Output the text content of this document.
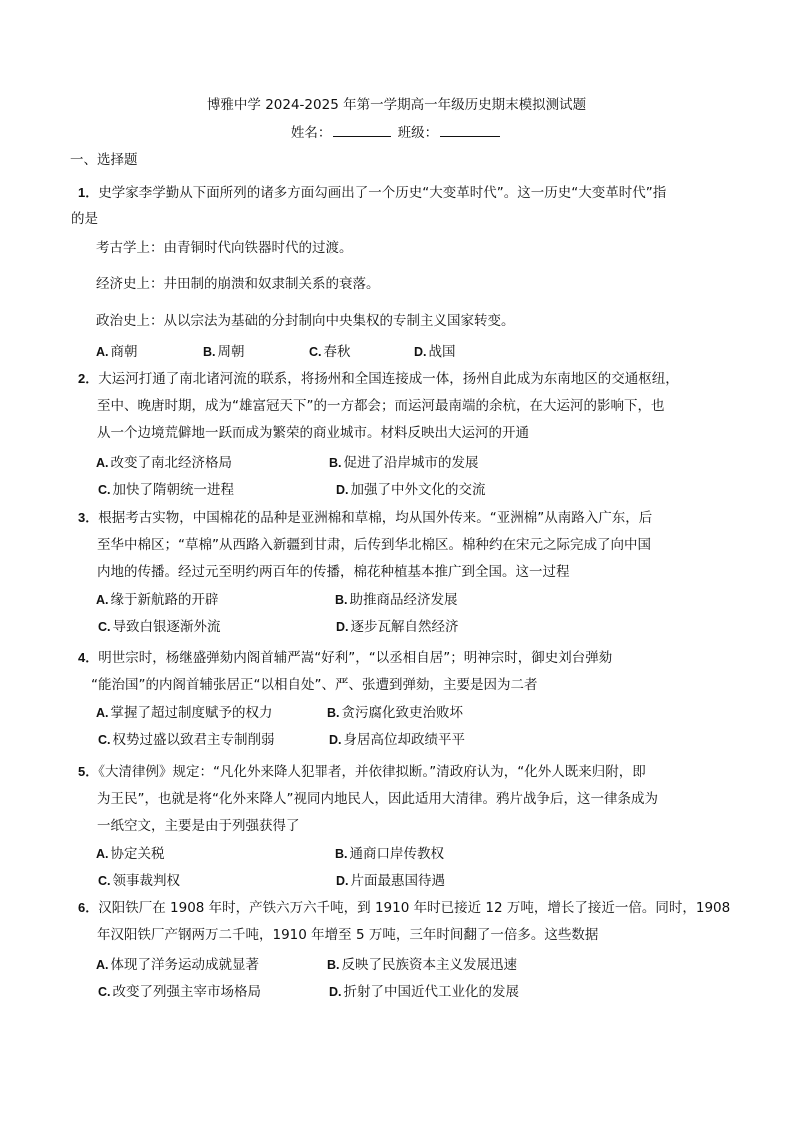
博雅中学 2024-2025 年第一学期高一年级历史期末模拟测试题
姓名：	班级：
一、选择题
1．史学家李学勤从下面所列的诸多方面勾画出了一个历史“大变革时代”。这一历史“大变革时代”指
的是
考古学上：由青铜时代向铁器时代的过渡。
经济史上：井田制的崩溃和奴隶制关系的衰落。
政治史上：从以宗法为基础的分封制向中央集权的专制主义国家转变。
A. 商朝	B. 周朝	C. 春秋	D. 战国
2．大运河打通了南北诸河流的联系，将扬州和全国连接成一体，扬州自此成为东南地区的交通枢纽，
至中、晚唐时期，成为“雄富冠天下”的一方都会；而运河最南端的余杭，在大运河的影响下，也
从一个边境荒僻地一跃而成为繁荣的商业城市。材料反映出大运河的开通
A. 改变了南北经济格局	B. 促进了沿岸城市的发展
C. 加快了隋朝统一进程	D. 加强了中外文化的交流
3．根据考古实物，中国棉花的品种是亚洲棉和草棉，均从国外传来。“亚洲棉”从南路入广东，后
至华中棉区；“草棉”从西路入新疆到甘肃，后传到华北棉区。棉种约在宋元之际完成了向中国
内地的传播。经过元至明约两百年的传播，棉花种植基本推广到全国。这一过程
A. 缘于新航路的开辟	B. 助推商品经济发展
C. 导致白银逐渐外流	D. 逐步瓦解自然经济
4．明世宗时，杨继盛弹劾内阁首辅严嵩“好利”，“以丞相自居”；明神宗时，御史刘台弹劾
“能治国”的内阁首辅张居正“以相自处”、严、张遭到弹劾，主要是因为二者
A. 掌握了超过制度赋予的权力	B. 贪污腐化致吏治败坏
C. 权势过盛以致君主专制削弱	D. 身居高位却政绩平平
5．《大清律例》规定：“凡化外来降人犯罪者，并依律拟断。”清政府认为，“化外人既来归附，即
为王民”，也就是将“化外来降人”视同内地民人，因此适用大清律。鸦片战争后，这一律条成为
一纸空文，主要是由于列强获得了
A. 协定关税	B. 通商口岸传教权
C. 领事裁判权	D. 片面最惠国待遇
6．汉阳铁厂在 1908 年时，产铁六万六千吨，到 1910 年时已接近 12 万吨，增长了接近一倍。同时，1908
年汉阳铁厂产钢两万二千吨，1910 年增至 5 万吨，三年时间翻了一倍多。这些数据
A. 体现了洋务运动成就显著	B. 反映了民族资本主义发展迅速
C. 改变了列强主宰市场格局	D. 折射了中国近代工业化的发展
